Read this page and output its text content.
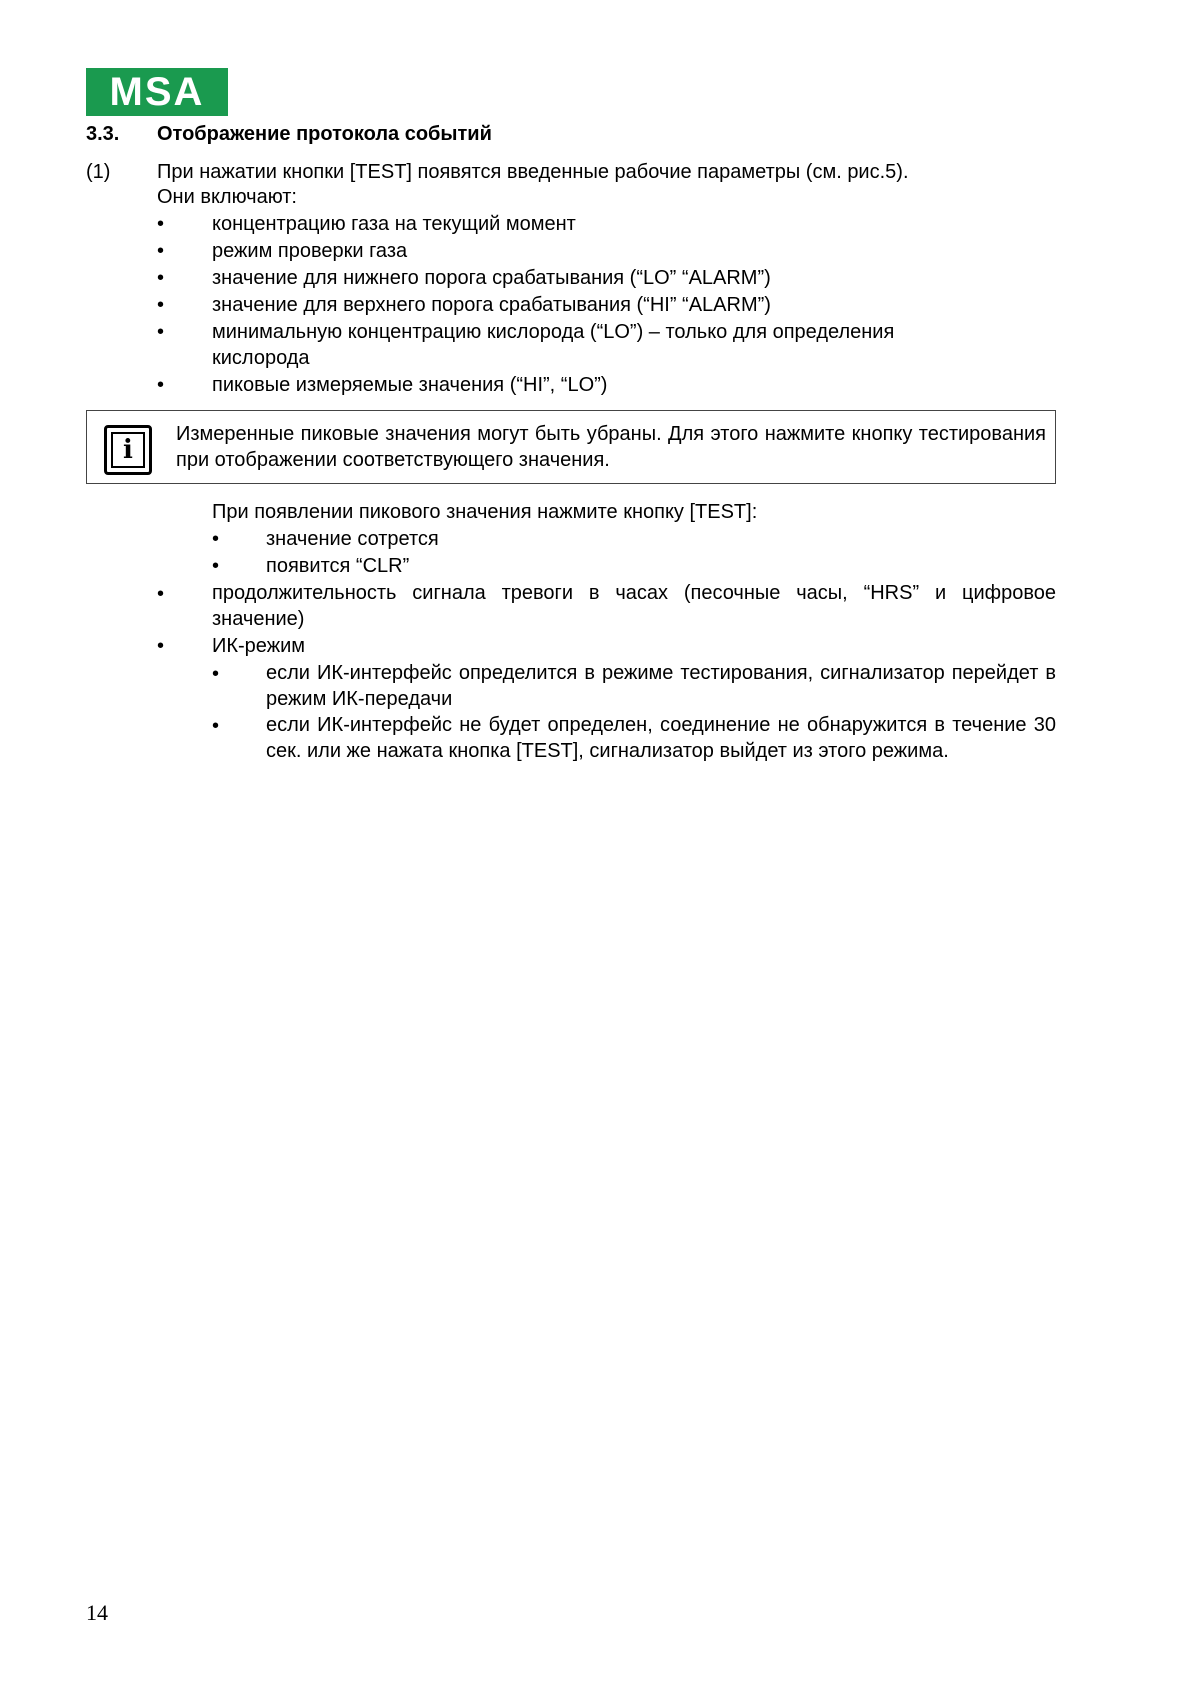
MSA
3.3. Отображение протокола событий
(1) При нажатии кнопки [TEST] появятся введенные рабочие параметры (см. рис.5).
Они включают:
• концентрацию газа на текущий момент
• режим проверки газа
• значение для нижнего порога срабатывания (“LO” “ALARM”)
• значение для верхнего порога срабатывания (“HI” “ALARM”)
• минимальную концентрацию кислорода (“LO”) – только для определения
кислорода
• пиковые измеряемые значения (“HI”, “LO”)
i
Измеренные пиковые значения могут быть убраны. Для этого нажмите кнопку тестирования при отображении соответствующего значения.
При появлении пикового значения нажмите кнопку [TEST]:
• значение сотрется
• появится “CLR”
• продолжительность сигнала тревоги в часах (песочные часы, “HRS” и цифровое значение)
• ИК-режим
• если ИК-интерфейс определится в режиме тестирования, сигнализатор перейдет в режим ИК-передачи
• если ИК-интерфейс не будет определен, соединение не обнаружится в течение 30 сек. или же нажата кнопка [TEST], сигнализатор выйдет из этого режима.
14
